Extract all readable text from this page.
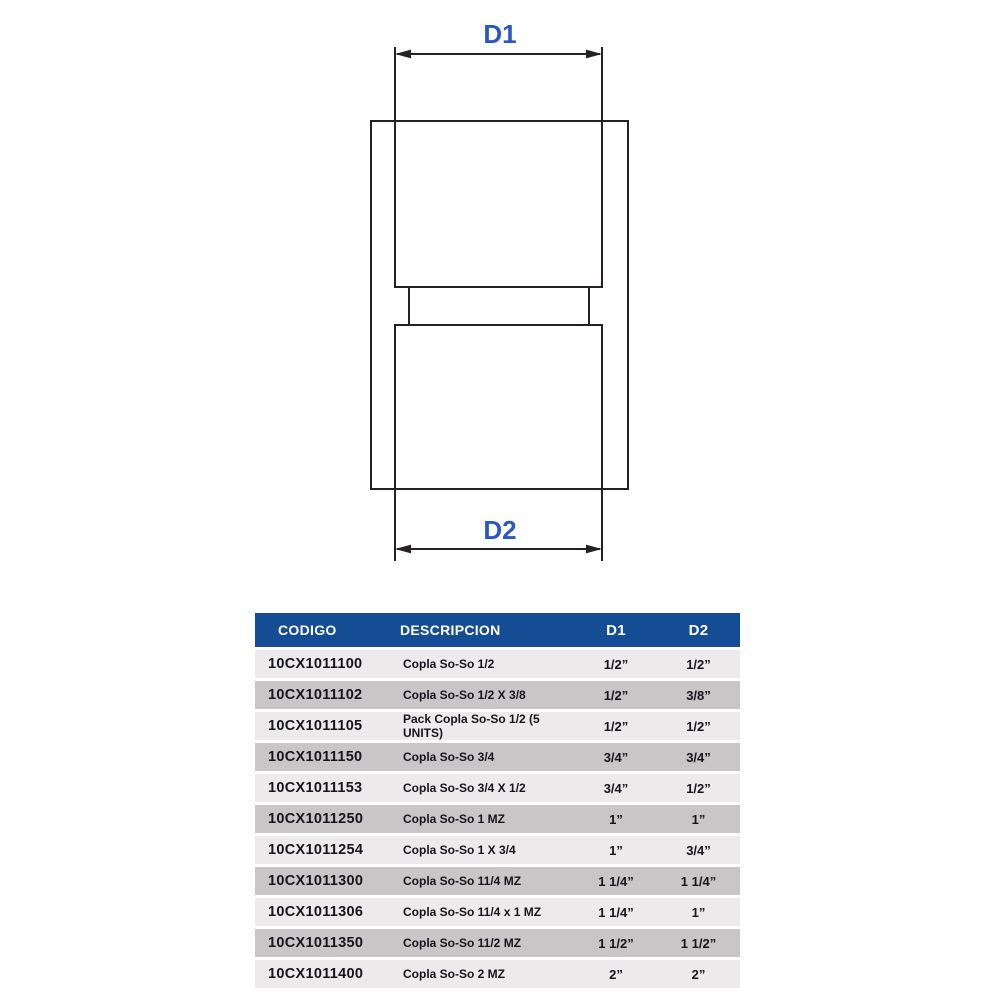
D1
D2
CODIGO	DESCRIPCION	D1	D2
10CX1011100	Copla So-So 1/2	1/2”	1/2”
10CX1011102	Copla So-So 1/2 X 3/8	1/2”	3/8”
10CX1011105	Pack Copla So-So 1/2 (5 UNITS)	1/2”	1/2”
10CX1011150	Copla So-So 3/4	3/4”	3/4”
10CX1011153	Copla So-So 3/4 X 1/2	3/4”	1/2”
10CX1011250	Copla So-So 1 MZ	1”	1”
10CX1011254	Copla So-So 1 X 3/4	1”	3/4”
10CX1011300	Copla So-So 11/4 MZ	1 1/4”	1 1/4”
10CX1011306	Copla So-So 11/4 x 1 MZ	1 1/4”	1”
10CX1011350	Copla So-So 11/2 MZ	1 1/2”	1 1/2”
10CX1011400	Copla So-So 2 MZ	2”	2”
